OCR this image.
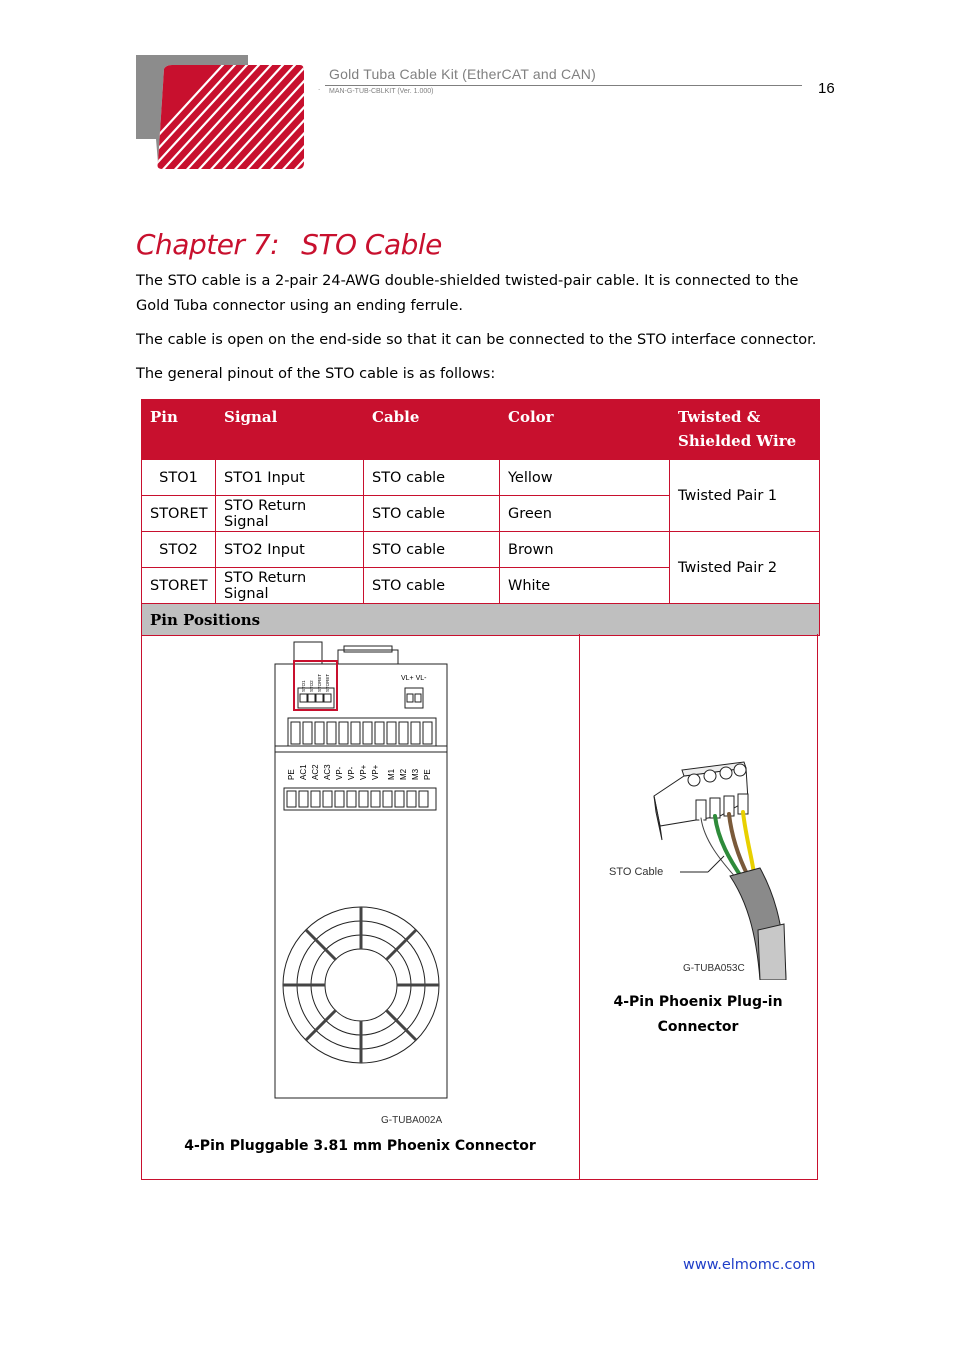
Gold Tuba Cable Kit (EtherCAT and CAN)
· MAN-G-TUB-CBLKIT (Ver. 1.000)	16
Chapter 7: STO Cable
The STO cable is a 2-pair 24-AWG double-shielded twisted-pair cable. It is connected to the Gold Tuba connector using an ending ferrule.
The cable is open on the end-side so that it can be connected to the STO interface connector.
The general pinout of the STO cable is as follows:
Pin	Signal	Cable	Color	Twisted & Shielded Wire
STO1	STO1 Input	STO cable	Yellow	Twisted Pair 1
STORET	STO Return Signal	STO cable	Green	
STO2	STO2 Input	STO cable	Brown	Twisted Pair 2
STORET	STO Return Signal	STO cable	White	
Pin Positions				
STO1 STO2 STORET STORET	VL+ VL-
PE AC1 AC2 AC3 VP- VP- VP+ VP+ M1 M2 M3 PE
G-TUBA002A
4-Pin Pluggable 3.81 mm Phoenix Connector
STO Cable
G-TUBA053C
4-Pin Phoenix Plug-in Connector
www.elmomc.com
